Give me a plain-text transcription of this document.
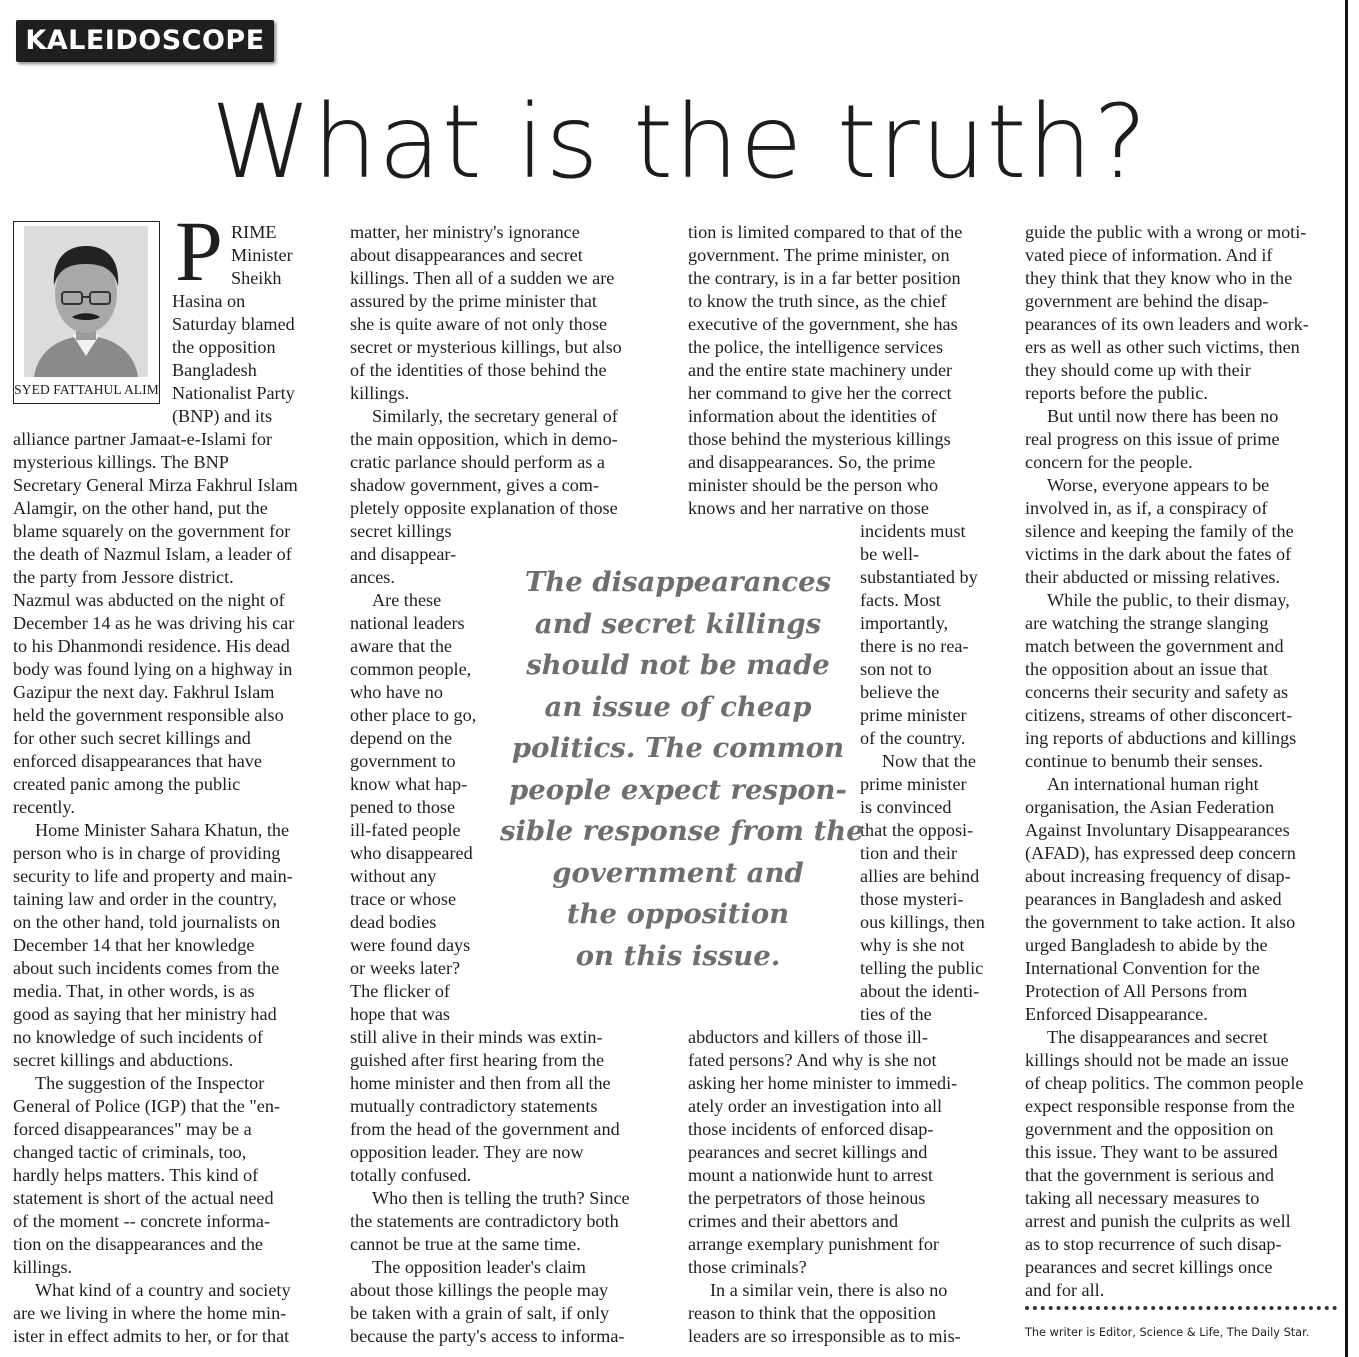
KALEIDOSCOPE
What is the truth?
SYED FATTAHUL ALIM
P RIME
Minister
Sheikh
Hasina on
Saturday blamed
the opposition
Bangladesh
Nationalist Party
(BNP) and its
alliance partner Jamaat-e-Islami for
mysterious killings. The BNP
Secretary General Mirza Fakhrul Islam
Alamgir, on the other hand, put the
blame squarely on the government for
the death of Nazmul Islam, a leader of
the party from Jessore district.
Nazmul was abducted on the night of
December 14 as he was driving his car
to his Dhanmondi residence. His dead
body was found lying on a highway in
Gazipur the next day. Fakhrul Islam
held the government responsible also
for other such secret killings and
enforced disappearances that have
created panic among the public
recently.
Home Minister Sahara Khatun, the
person who is in charge of providing
security to life and property and main-
taining law and order in the country,
on the other hand, told journalists on
December 14 that her knowledge
about such incidents comes from the
media. That, in other words, is as
good as saying that her ministry had
no knowledge of such incidents of
secret killings and abductions.
The suggestion of the Inspector
General of Police (IGP) that the "en-
forced disappearances" may be a
changed tactic of criminals, too,
hardly helps matters. This kind of
statement is short of the actual need
of the moment -- concrete informa-
tion on the disappearances and the
killings.
What kind of a country and society
are we living in where the home min-
ister in effect admits to her, or for that
matter, her ministry's ignorance
about disappearances and secret
killings. Then all of a sudden we are
assured by the prime minister that
she is quite aware of not only those
secret or mysterious killings, but also
of the identities of those behind the
killings.
Similarly, the secretary general of
the main opposition, which in demo-
cratic parlance should perform as a
shadow government, gives a com-
pletely opposite explanation of those
secret killings
and disappear-
ances.
Are these
national leaders
aware that the
common people,
who have no
other place to go,
depend on the
government to
know what hap-
pened to those
ill-fated people
who disappeared
without any
trace or whose
dead bodies
were found days
or weeks later?
The flicker of
hope that was
still alive in their minds was extin-
guished after first hearing from the
home minister and then from all the
mutually contradictory statements
from the head of the government and
opposition leader. They are now
totally confused.
Who then is telling the truth? Since
the statements are contradictory both
cannot be true at the same time.
The opposition leader's claim
about those killings the people may
be taken with a grain of salt, if only
because the party's access to informa-
tion is limited compared to that of the
government. The prime minister, on
the contrary, is in a far better position
to know the truth since, as the chief
executive of the government, she has
the police, the intelligence services
and the entire state machinery under
her command to give her the correct
information about the identities of
those behind the mysterious killings
and disappearances. So, the prime
minister should be the person who
knows and her narrative on those
incidents must
be well-
substantiated by
facts. Most
importantly,
there is no rea-
son not to
believe the
prime minister
of the country.
Now that the
prime minister
is convinced
that the opposi-
tion and their
allies are behind
those mysteri-
ous killings, then
why is she not
telling the public
about the identi-
ties of the
abductors and killers of those ill-
fated persons? And why is she not
asking her home minister to immedi-
ately order an investigation into all
those incidents of enforced disap-
pearances and secret killings and
mount a nationwide hunt to arrest
the perpetrators of those heinous
crimes and their abettors and
arrange exemplary punishment for
those criminals?
In a similar vein, there is also no
reason to think that the opposition
leaders are so irresponsible as to mis-
guide the public with a wrong or moti-
vated piece of information. And if
they think that they know who in the
government are behind the disap-
pearances of its own leaders and work-
ers as well as other such victims, then
they should come up with their
reports before the public.
But until now there has been no
real progress on this issue of prime
concern for the people.
Worse, everyone appears to be
involved in, as if, a conspiracy of
silence and keeping the family of the
victims in the dark about the fates of
their abducted or missing relatives.
While the public, to their dismay,
are watching the strange slanging
match between the government and
the opposition about an issue that
concerns their security and safety as
citizens, streams of other disconcert-
ing reports of abductions and killings
continue to benumb their senses.
An international human right
organisation, the Asian Federation
Against Involuntary Disappearances
(AFAD), has expressed deep concern
about increasing frequency of disap-
pearances in Bangladesh and asked
the government to take action. It also
urged Bangladesh to abide by the
International Convention for the
Protection of All Persons from
Enforced Disappearance.
The disappearances and secret
killings should not be made an issue
of cheap politics. The common people
expect responsible response from the
government and the opposition on
this issue. They want to be assured
that the government is serious and
taking all necessary measures to
arrest and punish the culprits as well
as to stop recurrence of such disap-
pearances and secret killings once
and for all.
The disappearances
and secret killings
should not be made
an issue of cheap
politics. The common
people expect respon-
sible response from the
government and
the opposition
on this issue.
The writer is Editor, Science & Life, The Daily Star.
